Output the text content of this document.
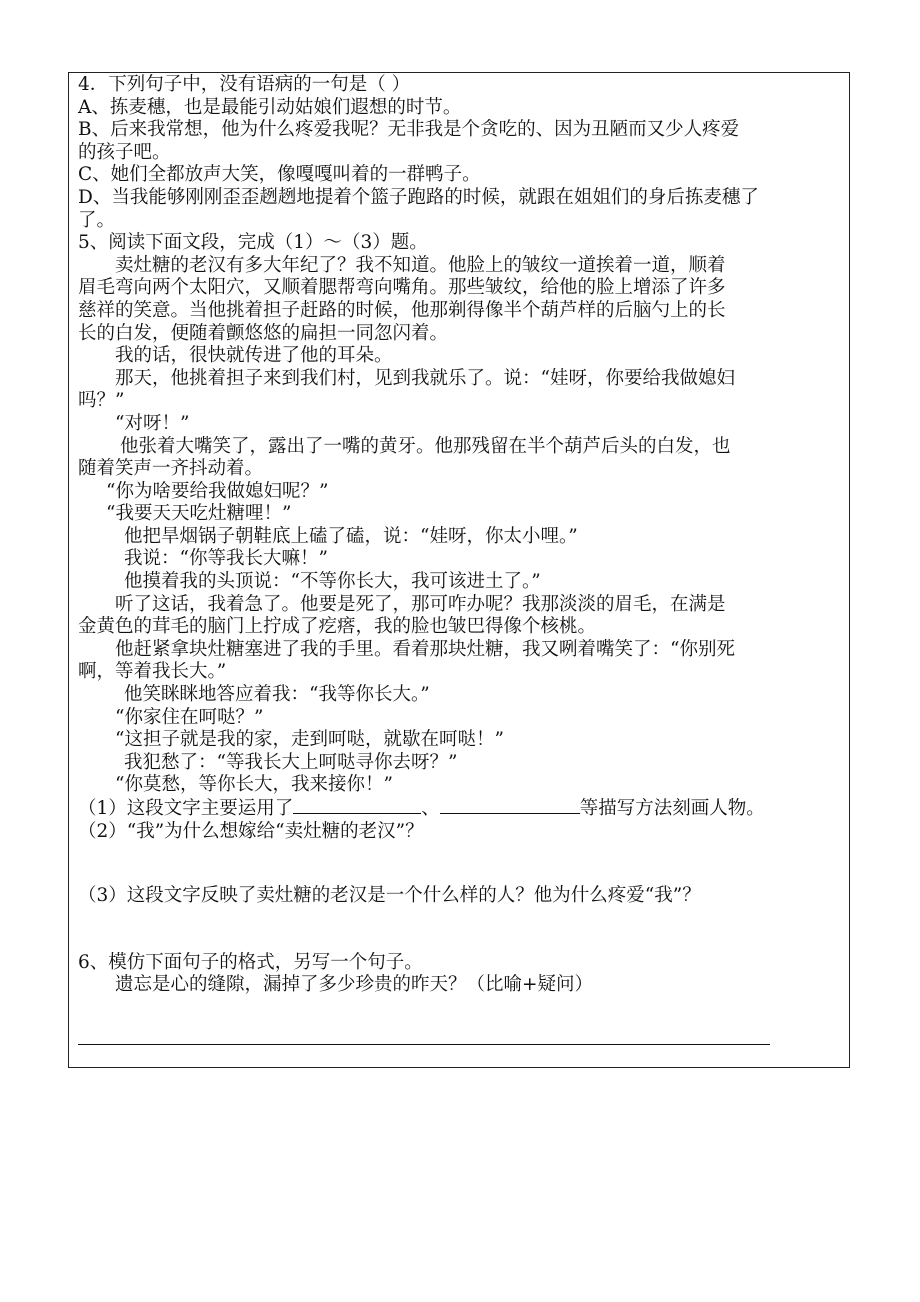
4．下列句子中，没有语病的一句是（ ）
A、拣麦穗，也是最能引动姑娘们遐想的时节。
B、后来我常想，他为什么疼爱我呢？无非我是个贪吃的、因为丑陋而又少人疼爱
的孩子吧。
C、她们全都放声大笑，像嘎嘎叫着的一群鸭子。
D、当我能够刚刚歪歪趔趔地提着个篮子跑路的时候，就跟在姐姐们的身后拣麦穗了
了。
5、阅读下面文段，完成（1）～（3）题。
卖灶糖的老汉有多大年纪了？我不知道。他脸上的皱纹一道挨着一道，顺着
眉毛弯向两个太阳穴，又顺着腮帮弯向嘴角。那些皱纹，给他的脸上增添了许多
慈祥的笑意。当他挑着担子赶路的时候，他那剃得像半个葫芦样的后脑勺上的长
长的白发，便随着颤悠悠的扁担一同忽闪着。
我的话，很快就传进了他的耳朵。
那天，他挑着担子来到我们村，见到我就乐了。说：“娃呀，你要给我做媳妇
吗？”
“对呀！”
他张着大嘴笑了，露出了一嘴的黄牙。他那残留在半个葫芦后头的白发，也
随着笑声一齐抖动着。
“你为啥要给我做媳妇呢？”
“我要天天吃灶糖哩！”
他把旱烟锅子朝鞋底上磕了磕，说：“娃呀，你太小哩。”
我说：“你等我长大嘛！”
他摸着我的头顶说：“不等你长大，我可该进土了。”
听了这话，我着急了。他要是死了，那可咋办呢？我那淡淡的眉毛，在满是
金黄色的茸毛的脑门上拧成了疙瘩，我的脸也皱巴得像个核桃。
他赶紧拿块灶糖塞进了我的手里。看着那块灶糖，我又咧着嘴笑了：“你别死
啊，等着我长大。”
他笑眯眯地答应着我：“我等你长大。”
“你家住在呵哒？”
“这担子就是我的家，走到呵哒，就歇在呵哒！”
我犯愁了：“等我长大上呵哒寻你去呀？”
“你莫愁，等你长大，我来接你！”
（1）这段文字主要运用了	、	等描写方法刻画人物。
（2）“我”为什么想嫁给“卖灶糖的老汉”？
（3）这段文字反映了卖灶糖的老汉是一个什么样的人？他为什么疼爱“我”？
6、模仿下面句子的格式，另写一个句子。
遗忘是心的缝隙，漏掉了多少珍贵的昨天？（比喻+疑问）
